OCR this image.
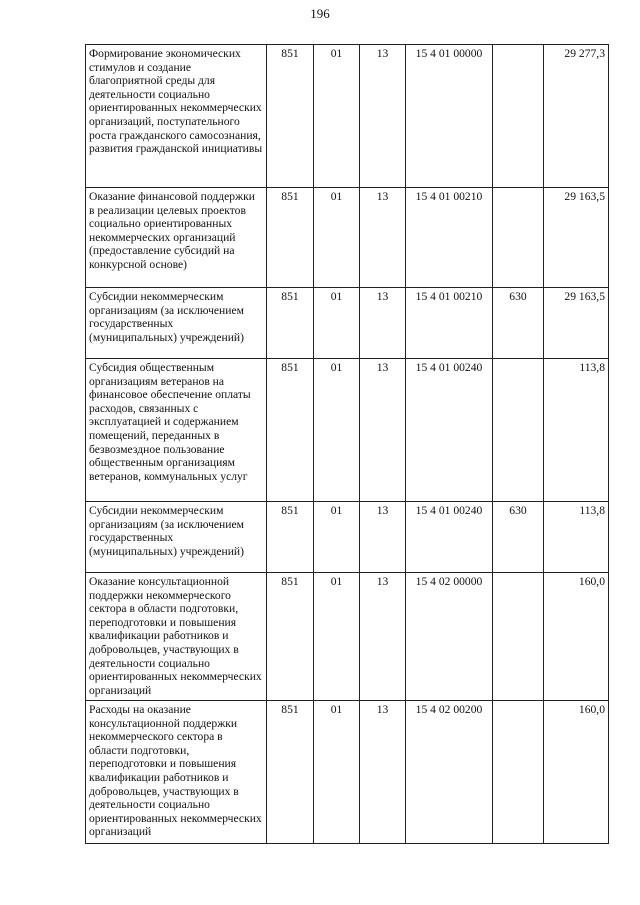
196
Формирование экономических стимулов и создание благоприятной среды для деятельности социально ориентированных некоммерческих организаций, поступательного роста гражданского самосознания, развития гражданской инициативы	851	01	13	15 4 01 00000		29 277,3

Оказание финансовой поддержки в реализации целевых проектов социально ориентированных некоммерческих организаций (предоставление субсидий на конкурсной основе)	851	01	13	15 4 01 00210		29 163,5

Субсидии некоммерческим организациям (за исключением государственных (муниципальных) учреждений)	851	01	13	15 4 01 00210	630	29 163,5

Субсидия общественным организациям ветеранов на финансовое обеспечение оплаты расходов, связанных с эксплуатацией и содержанием помещений, переданных в безвозмездное пользование общественным организациям ветеранов, коммунальных услуг	851	01	13	15 4 01 00240		113,8

Субсидии некоммерческим организациям (за исключением государственных (муниципальных) учреждений)	851	01	13	15 4 01 00240	630	113,8

Оказание консультационной поддержки некоммерческого сектора в области подготовки, переподготовки и повышения квалификации работников и добровольцев, участвующих в деятельности социально ориентированных некоммерческих организаций	851	01	13	15 4 02 00000		160,0

Расходы на оказание консультационной поддержки некоммерческого сектора в области подготовки, переподготовки и повышения квалификации работников и добровольцев, участвующих в деятельности социально ориентированных некоммерческих организаций	851	01	13	15 4 02 00200		160,0
